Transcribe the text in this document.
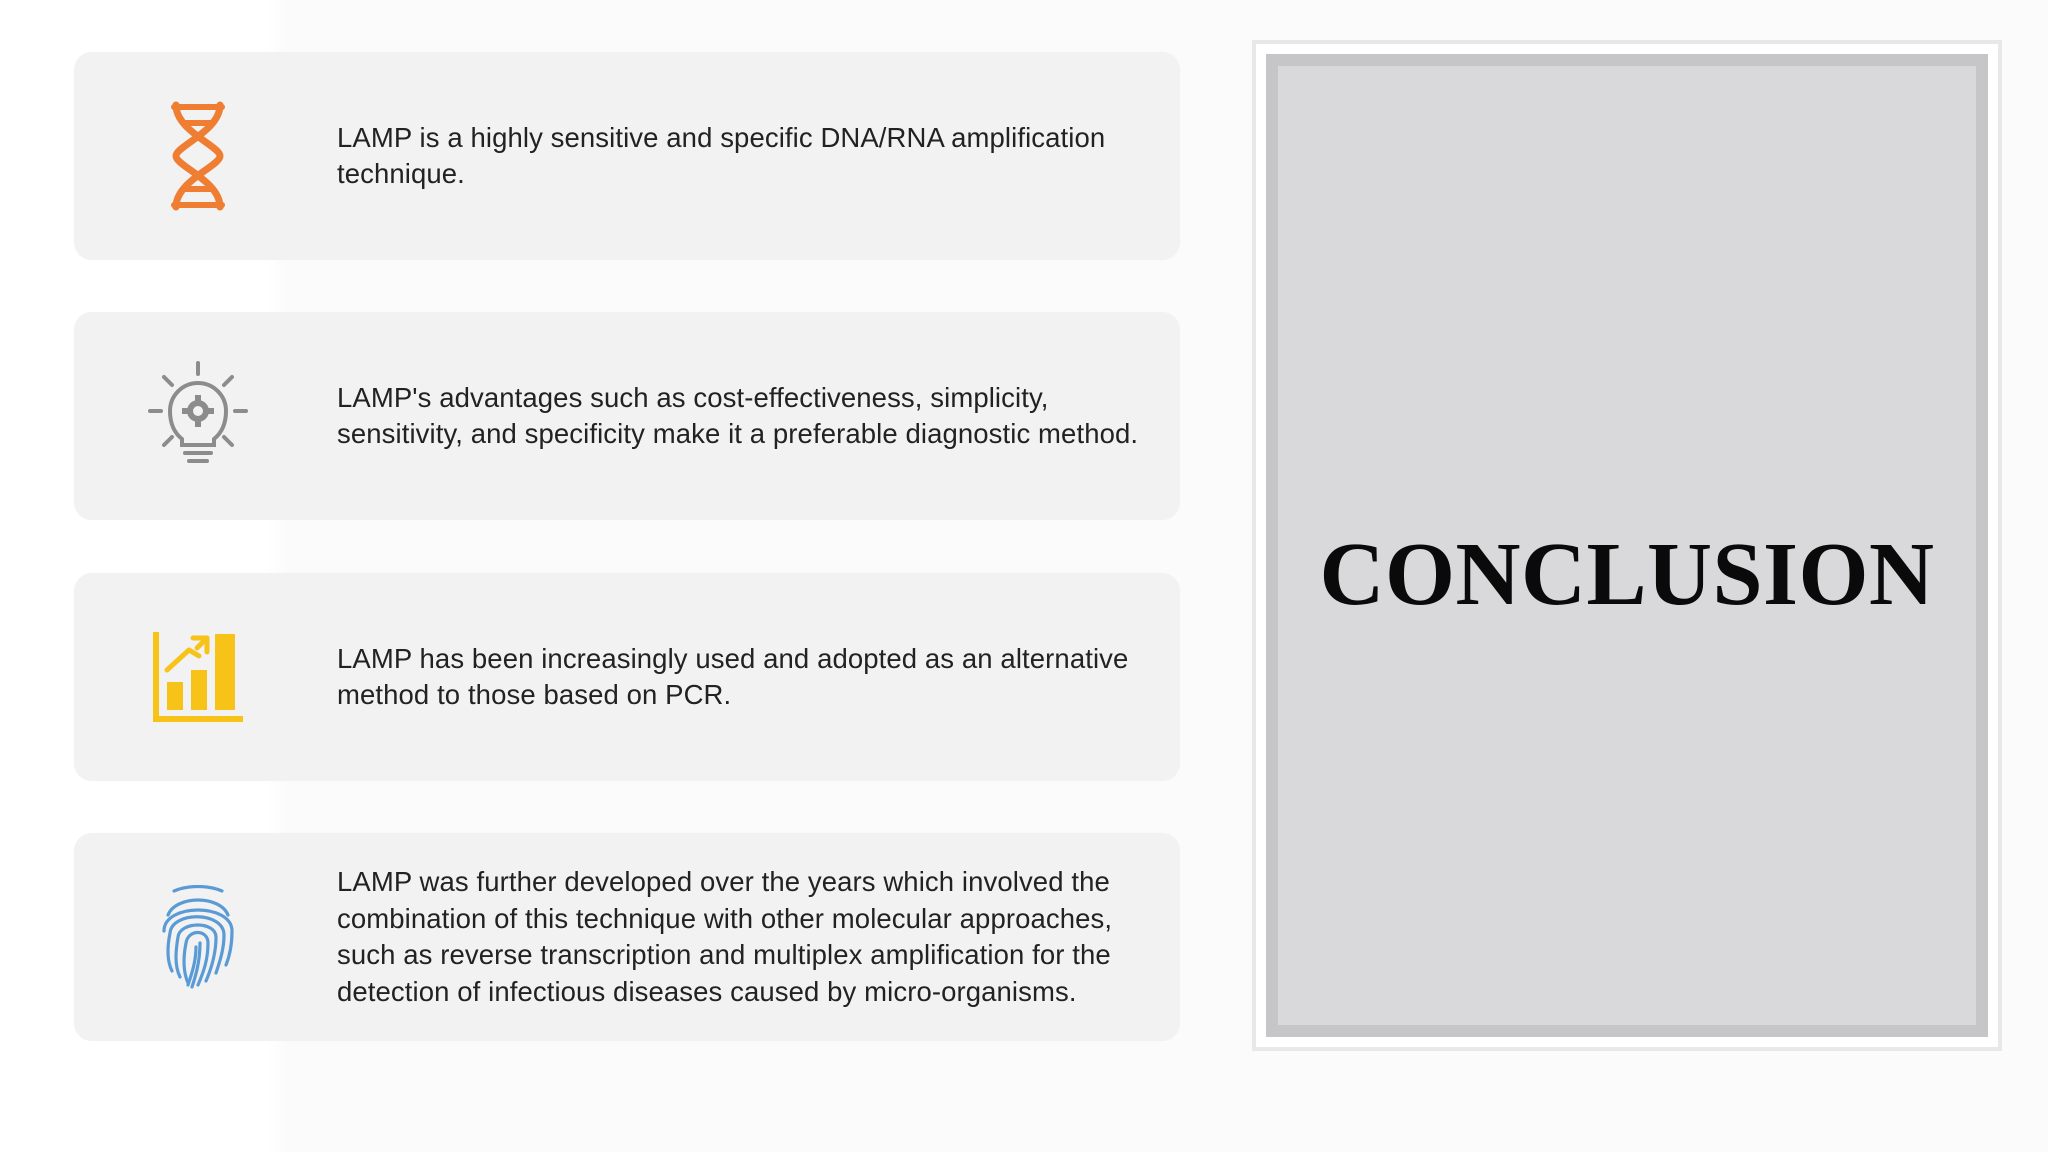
LAMP is a highly sensitive and specific DNA/RNA amplification technique.
LAMP's advantages such as cost-effectiveness, simplicity, sensitivity, and specificity make it a preferable diagnostic method.
LAMP has been increasingly used and adopted as an alternative method to those based on PCR.
LAMP was further developed over the years which involved the combination of this technique with other molecular approaches, such as reverse transcription and multiplex amplification for the detection of infectious diseases caused by micro-organisms.
CONCLUSION
